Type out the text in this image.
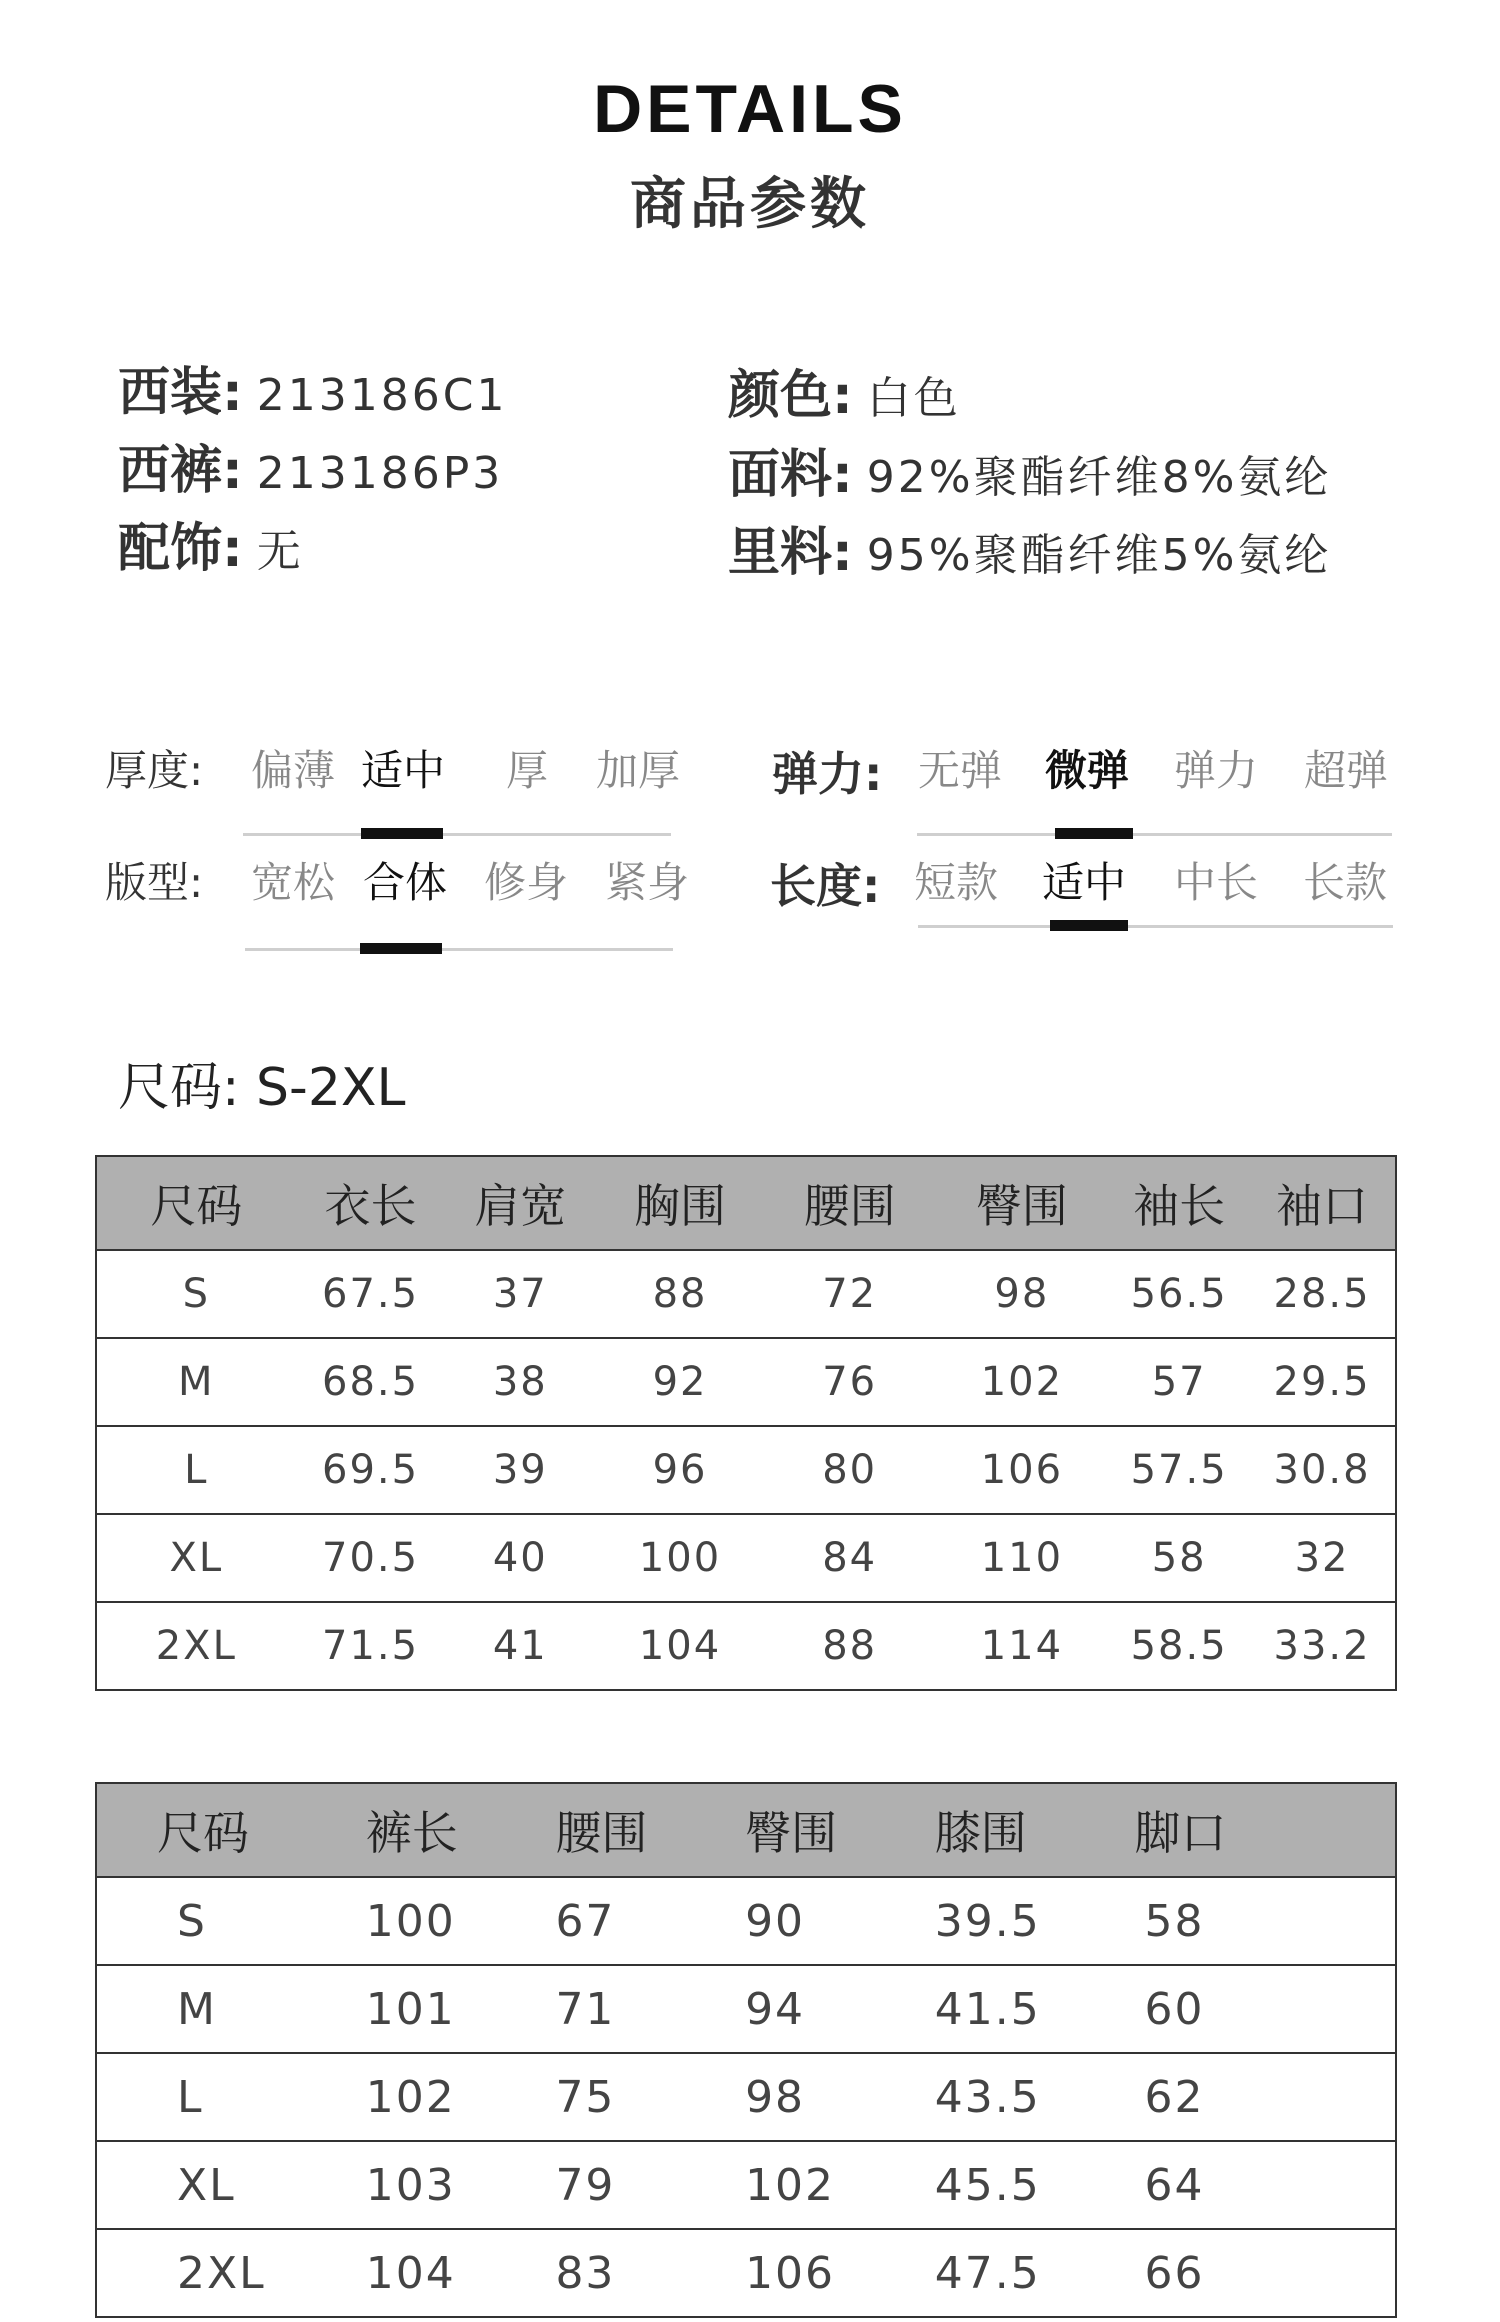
DETAILS
商品参数
西装: 213186C1
西裤: 213186P3
配饰: 无
颜色: 白色
面料: 92%聚酯纤维8%氨纶
里料: 95%聚酯纤维5%氨纶
厚度: 偏薄 适中	厚	加厚 弹力: 无弹 微弹 弹力 超弹
版型: 宽松 合体 修身 紧身 长度: 短款 适中 中长 长款
尺码: S-2XL
尺码	衣长	肩宽	胸围	腰围	臀围	袖长	袖口
S	67.5	37	88	72	98	56.5	28.5
M	68.5	38	92	76	102	57	29.5
L	69.5	39	96	80	106	57.5	30.8
XL	70.5	40	100	84	110	58	32
2XL	71.5	41	104	88	114	58.5	33.2
尺码	裤长	腰围	臀围	膝围	脚口
S	100	67	90	39.5	58
M	101	71	94	41.5	60
L	102	75	98	43.5	62
XL	103	79	102	45.5	64
2XL	104	83	106	47.5	66
